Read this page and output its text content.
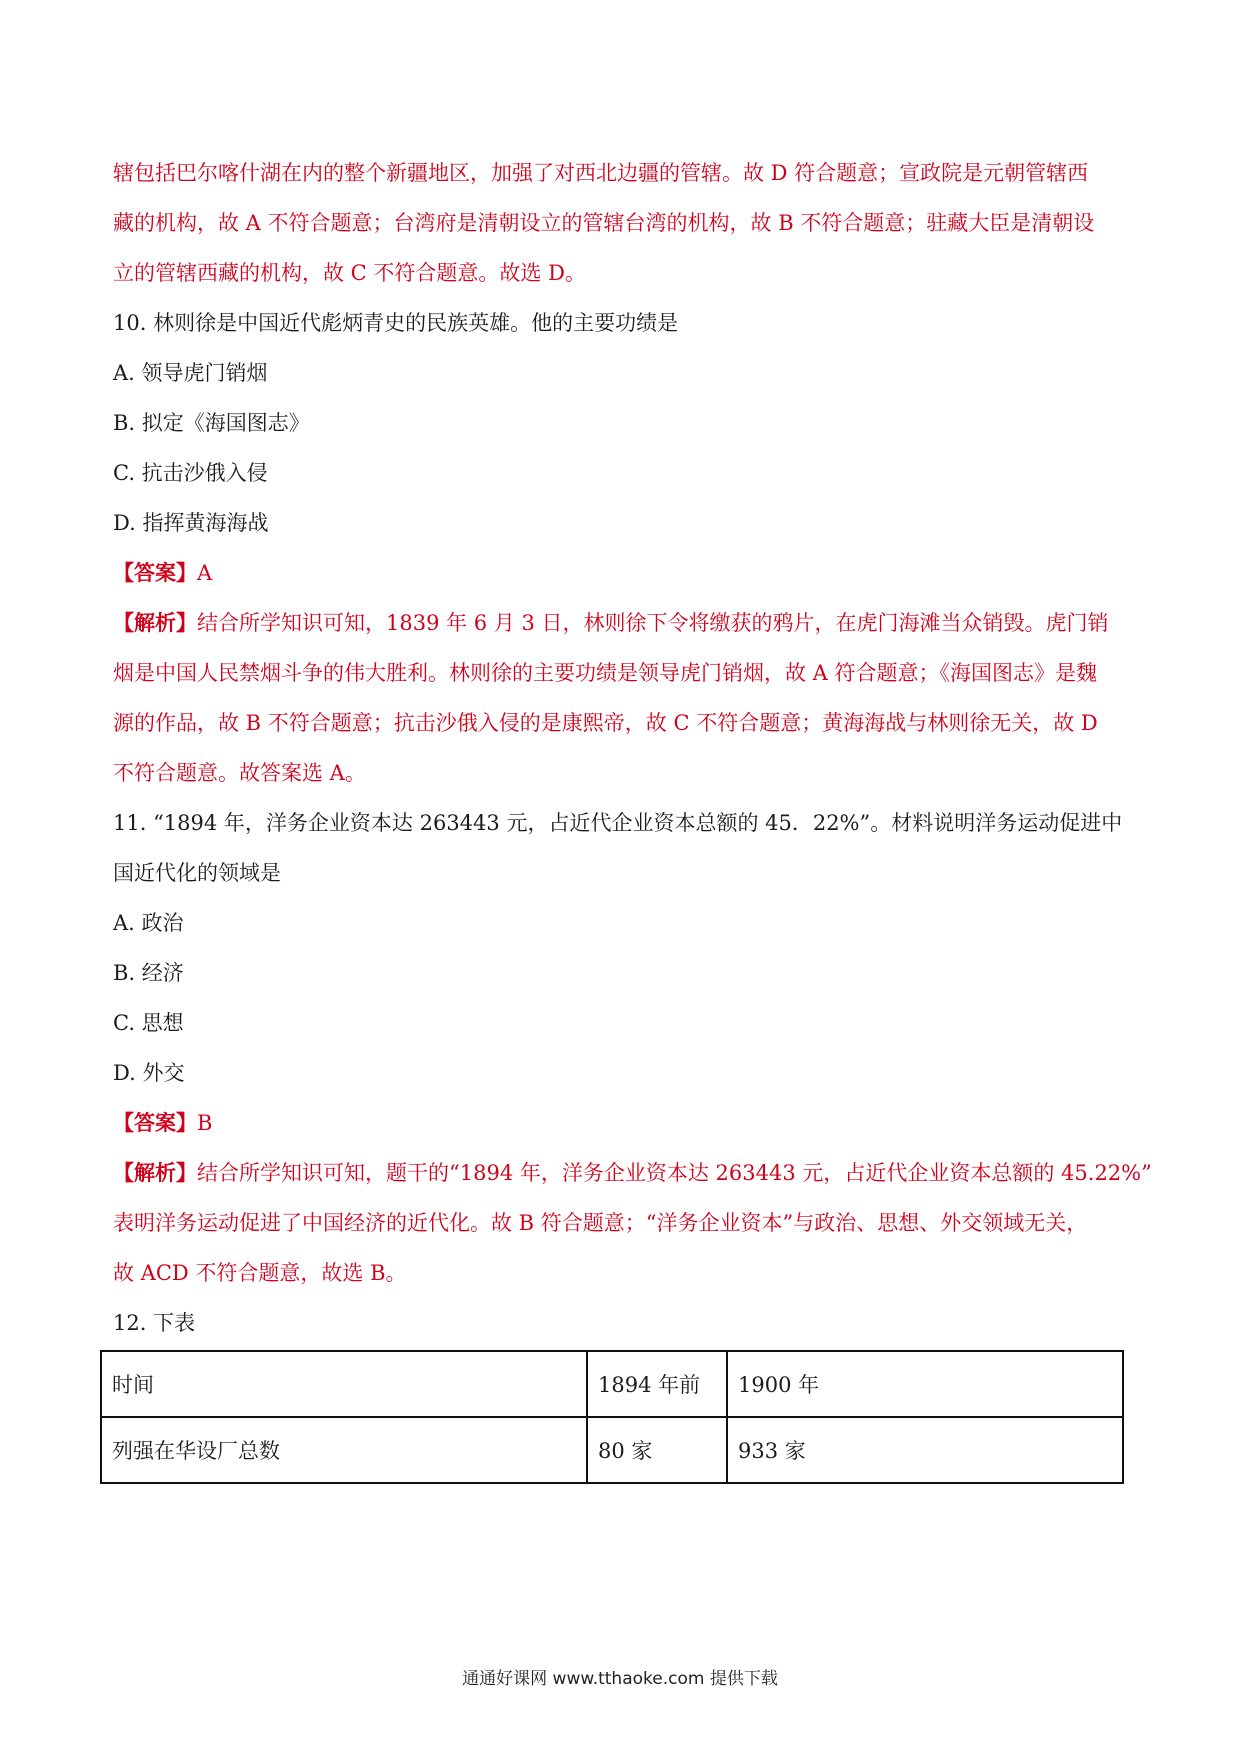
辖包括巴尔喀什湖在内的整个新疆地区，加强了对西北边疆的管辖。故 D 符合题意；宣政院是元朝管辖西
藏的机构，故 A 不符合题意；台湾府是清朝设立的管辖台湾的机构，故 B 不符合题意；驻藏大臣是清朝设
立的管辖西藏的机构，故 C 不符合题意。故选 D。
10. 林则徐是中国近代彪炳青史的民族英雄。他的主要功绩是
A. 领导虎门销烟
B. 拟定《海国图志》
C. 抗击沙俄入侵
D. 指挥黄海海战
【答案】A
【解析】结合所学知识可知，1839 年 6 月 3 日，林则徐下令将缴获的鸦片，在虎门海滩当众销毁。虎门销
烟是中国人民禁烟斗争的伟大胜利。林则徐的主要功绩是领导虎门销烟，故 A 符合题意；《海国图志》是魏
源的作品，故 B 不符合题意；抗击沙俄入侵的是康熙帝，故 C 不符合题意；黄海海战与林则徐无关，故 D
不符合题意。故答案选 A。
11. “1894 年，洋务企业资本达 263443 元，占近代企业资本总额的 45．22%”。材料说明洋务运动促进中
国近代化的领域是
A. 政治
B. 经济
C. 思想
D. 外交
【答案】B
【解析】结合所学知识可知，题干的“1894 年，洋务企业资本达 263443 元，占近代企业资本总额的 45.22%”
表明洋务运动促进了中国经济的近代化。故 B 符合题意；“洋务企业资本”与政治、思想、外交领域无关，
故 ACD 不符合题意，故选 B。
12. 下表
时间	1894 年前	1900 年
列强在华设厂总数	80 家	933 家
通通好课网 www.tthaoke.com 提供下载
